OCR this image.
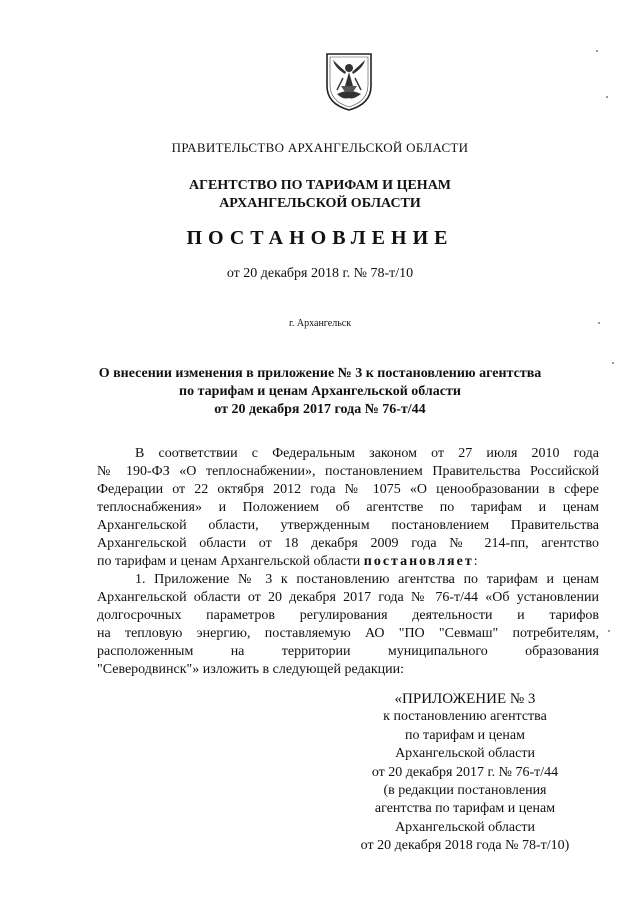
ПРАВИТЕЛЬСТВО АРХАНГЕЛЬСКОЙ ОБЛАСТИ
АГЕНТСТВО ПО ТАРИФАМ И ЦЕНАМ
АРХАНГЕЛЬСКОЙ ОБЛАСТИ
ПОСТАНОВЛЕНИЕ
от 20 декабря 2018 г. № 78-т/10
г. Архангельск
О внесении изменения в приложение № 3 к постановлению агентства
по тарифам и ценам Архангельской области
от 20 декабря 2017 года № 76-т/44
В соответствии с Федеральным законом от 27 июля 2010 года
№ 190-ФЗ «О теплоснабжении», постановлением Правительства Российской
Федерации от 22 октября 2012 года № 1075 «О ценообразовании в сфере
теплоснабжения» и Положением об агентстве по тарифам и ценам
Архангельской области, утвержденным постановлением Правительства
Архангельской области от 18 декабря 2009 года № 214-пп, агентство
по тарифам и ценам Архангельской области постановляет:
1. Приложение № 3 к постановлению агентства по тарифам и ценам
Архангельской области от 20 декабря 2017 года № 76-т/44 «Об установлении
долгосрочных параметров регулирования деятельности и тарифов
на тепловую энергию, поставляемую АО "ПО "Севмаш" потребителям,
расположенным на территории муниципального образования
"Северодвинск"» изложить в следующей редакции:
«ПРИЛОЖЕНИЕ № 3
к постановлению агентства
по тарифам и ценам
Архангельской области
от 20 декабря 2017 г. № 76-т/44
(в редакции постановления
агентства по тарифам и ценам
Архангельской области
от 20 декабря 2018 года № 78-т/10)
